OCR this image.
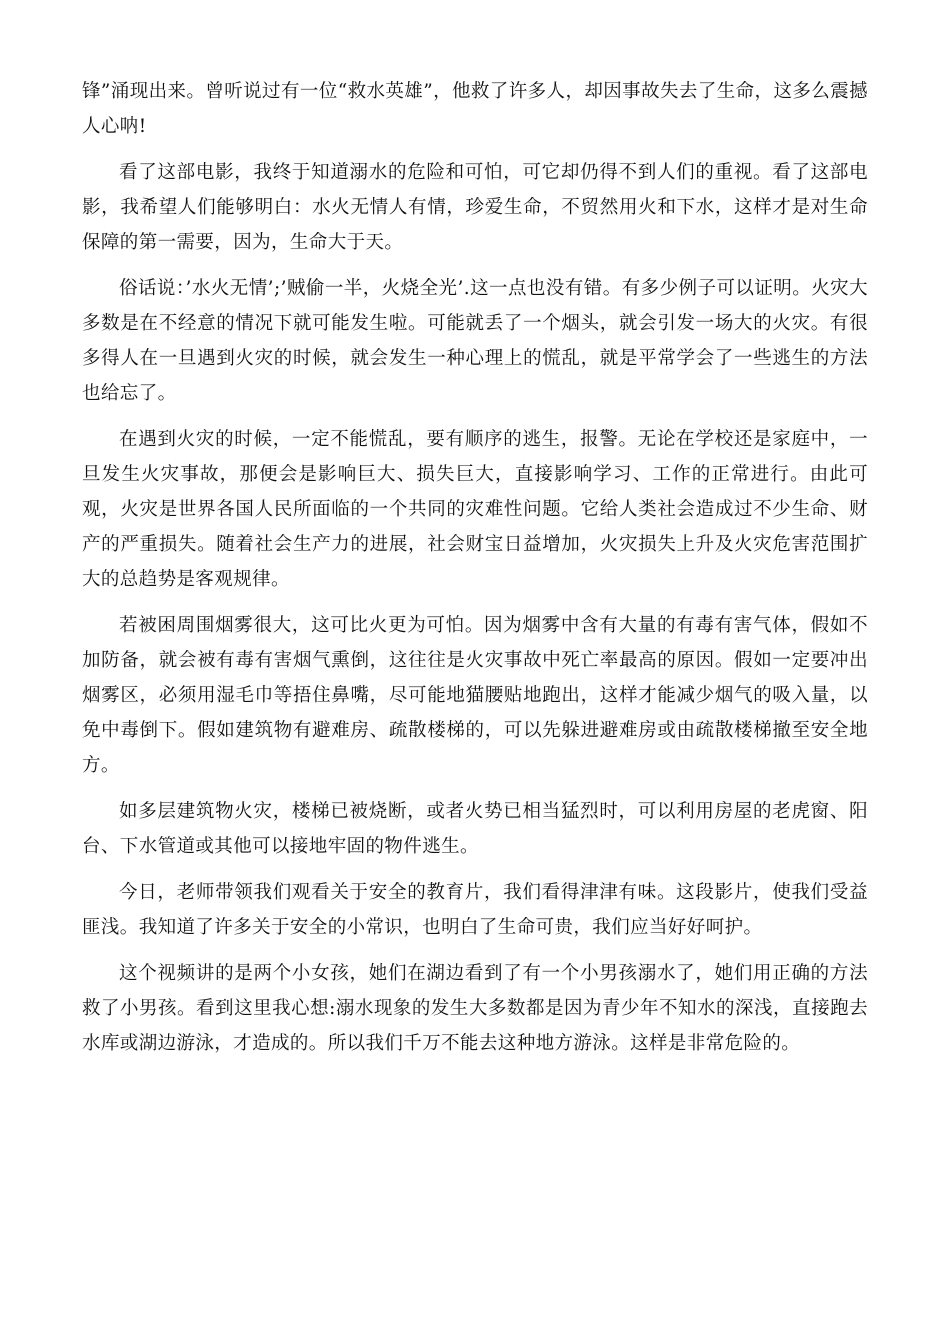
锋”涌现出来。曾听说过有一位“救水英雄”，他救了许多人，却因事故失去了生命，这多么震撼人心呐!

看了这部电影，我终于知道溺水的危险和可怕，可它却仍得不到人们的重视。看了这部电影，我希望人们能够明白：水火无情人有情，珍爱生命，不贸然用火和下水，这样才是对生命保障的第一需要，因为，生命大于天。

俗话说：’水火无情’;’贼偷一半，火烧全光’.这一点也没有错。有多少例子可以证明。火灾大多数是在不经意的情况下就可能发生啦。可能就丢了一个烟头，就会引发一场大的火灾。有很多得人在一旦遇到火灾的时候，就会发生一种心理上的慌乱，就是平常学会了一些逃生的方法也给忘了。

在遇到火灾的时候，一定不能慌乱，要有顺序的逃生，报警。无论在学校还是家庭中，一旦发生火灾事故，那便会是影响巨大、损失巨大，直接影响学习、工作的正常进行。由此可观，火灾是世界各国人民所面临的一个共同的灾难性问题。它给人类社会造成过不少生命、财产的严重损失。随着社会生产力的进展，社会财宝日益增加，火灾损失上升及火灾危害范围扩大的总趋势是客观规律。

若被困周围烟雾很大，这可比火更为可怕。因为烟雾中含有大量的有毒有害气体，假如不加防备，就会被有毒有害烟气熏倒，这往往是火灾事故中死亡率最高的原因。假如一定要冲出烟雾区，必须用湿毛巾等捂住鼻嘴，尽可能地猫腰贴地跑出，这样才能减少烟气的吸入量，以免中毒倒下。假如建筑物有避难房、疏散楼梯的，可以先躲进避难房或由疏散楼梯撤至安全地方。

如多层建筑物火灾，楼梯已被烧断，或者火势已相当猛烈时，可以利用房屋的老虎窗、阳台、下水管道或其他可以接地牢固的物件逃生。

今日，老师带领我们观看关于安全的教育片，我们看得津津有味。这段影片，使我们受益匪浅。我知道了许多关于安全的小常识，也明白了生命可贵，我们应当好好呵护。

这个视频讲的是两个小女孩，她们在湖边看到了有一个小男孩溺水了，她们用正确的方法救了小男孩。看到这里我心想:溺水现象的发生大多数都是因为青少年不知水的深浅，直接跑去水库或湖边游泳，才造成的。所以我们千万不能去这种地方游泳。这样是非常危险的。
